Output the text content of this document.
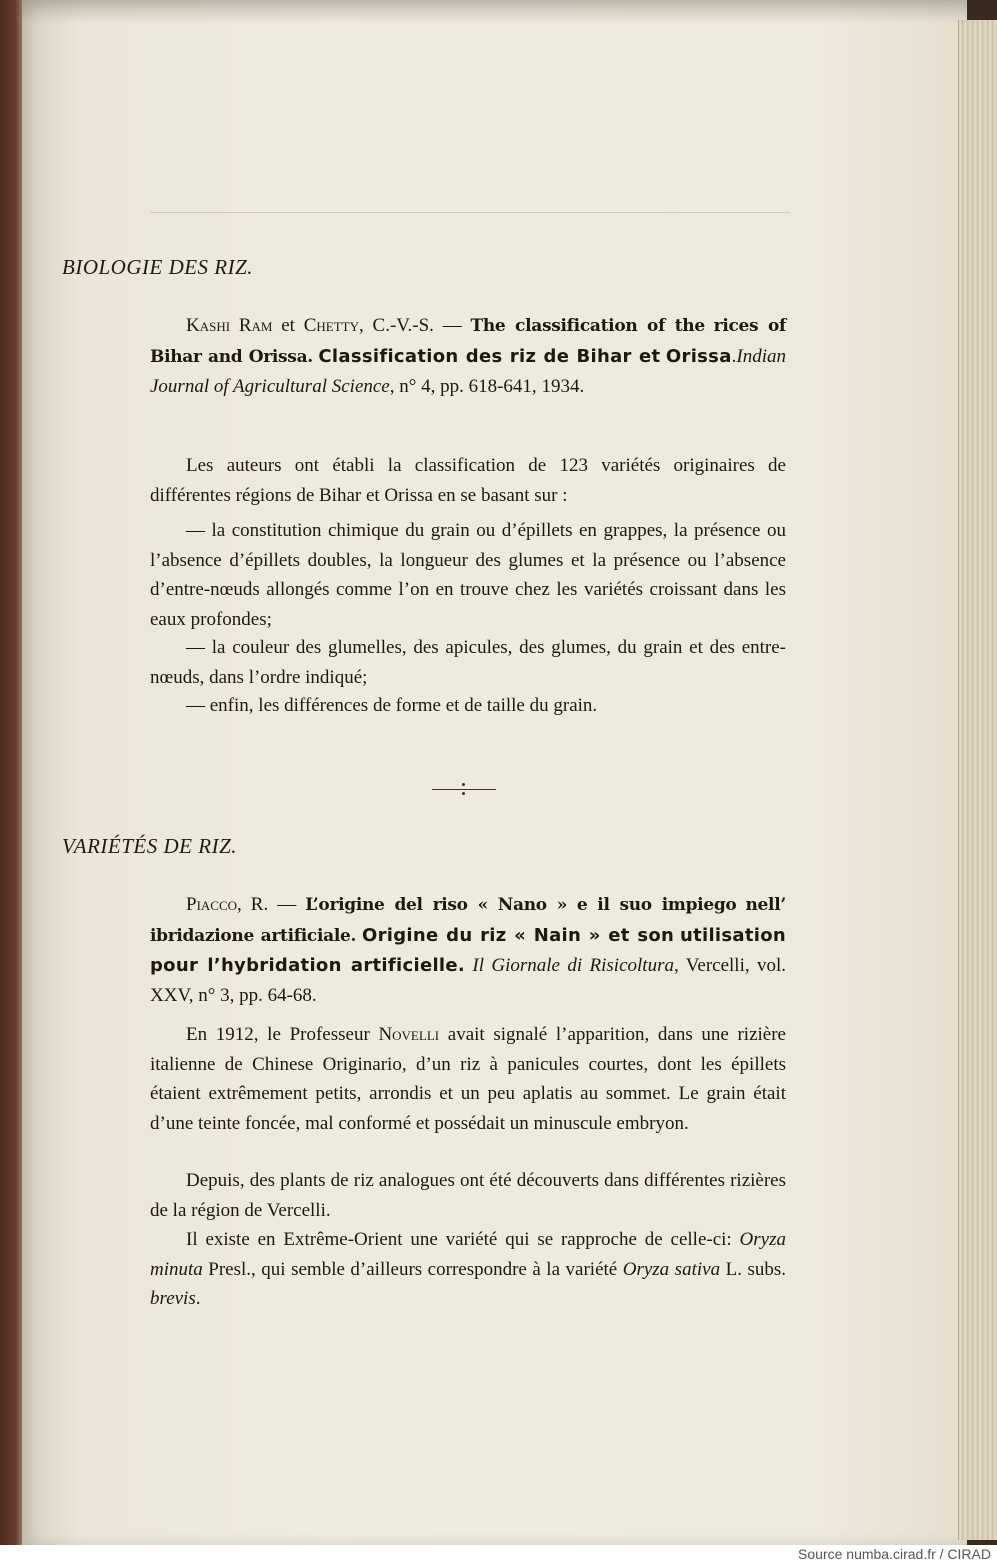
BIOLOGIE DES RIZ.
Kashi Ram et Chetty, C.-V.-S. — The classification of the rices of Bihar and Orissa. Classification des riz de Bihar et Orissa.Indian Journal of Agricultural Science, n° 4, pp. 618-641, 1934.
Les auteurs ont établi la classification de 123 variétés originaires de différentes régions de Bihar et Orissa en se basant sur :
— la constitution chimique du grain ou d’épillets en grappes, la présence ou l’absence d’épillets doubles, la longueur des glumes et la présence ou l’absence d’entre-nœuds allongés comme l’on en trouve chez les variétés croissant dans les eaux profondes;
— la couleur des glumelles, des apicules, des glumes, du grain et des entre-nœuds, dans l’ordre indiqué;
— enfin, les différences de forme et de taille du grain.
VARIÉTÉS DE RIZ.
Piacco, R. — L’origine del riso « Nano » e il suo impiego nell’ ibridazione artificiale. Origine du riz « Nain » et son utilisation pour l’hybridation artificielle. Il Giornale di Risicoltura, Vercelli, vol. XXV, n° 3, pp. 64-68.
En 1912, le Professeur Novelli avait signalé l’apparition, dans une rizière italienne de Chinese Originario, d’un riz à panicules courtes, dont les épillets étaient extrêmement petits, arrondis et un peu aplatis au sommet. Le grain était d’une teinte foncée, mal conformé et possédait un minuscule embryon.
Depuis, des plants de riz analogues ont été découverts dans différentes rizières de la région de Vercelli.
Il existe en Extrême-Orient une variété qui se rapproche de celle-ci: Oryza minuta Presl., qui semble d’ailleurs correspondre à la variété Oryza sativa L. subs. brevis.
Source numba.cirad.fr / CIRAD
